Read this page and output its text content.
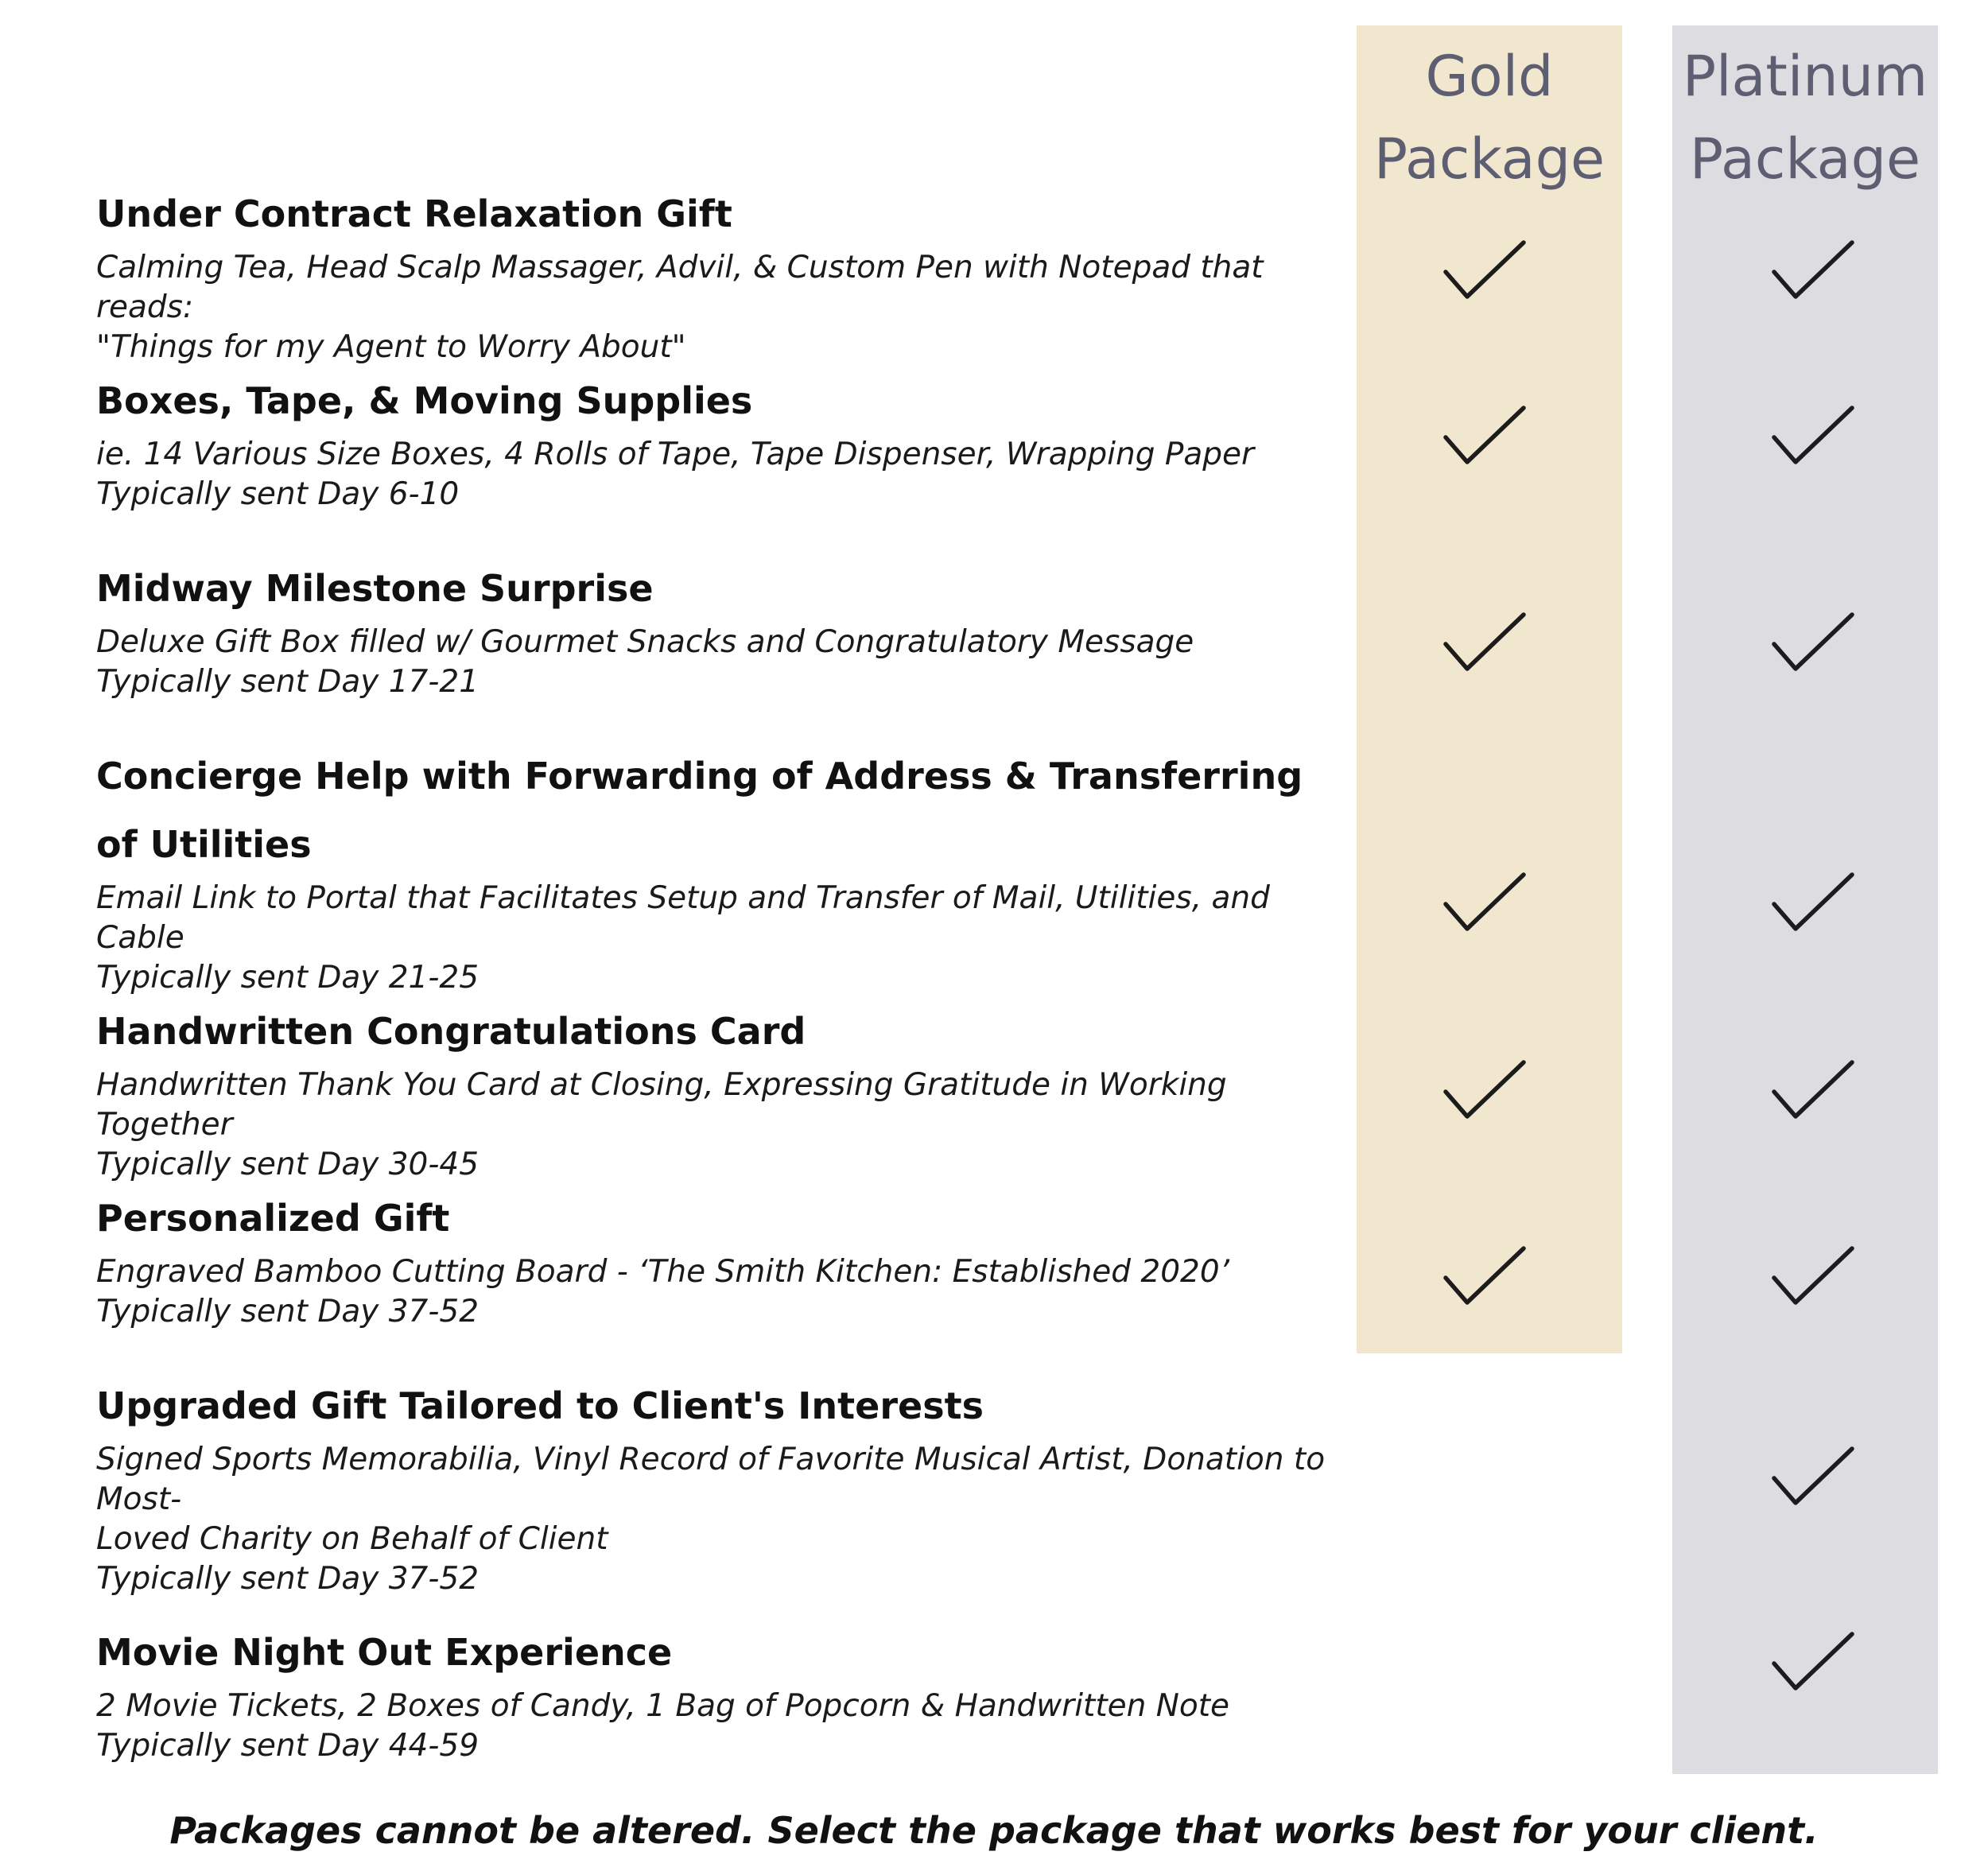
Gold
Package
Platinum
Package

Under Contract Relaxation Gift

Calming Tea, Head Scalp Massager, Advil, & Custom Pen with Notepad that reads:
"Things for my Agent to Worry About"

Boxes, Tape, & Moving Supplies

ie. 14 Various Size Boxes, 4 Rolls of Tape, Tape Dispenser, Wrapping Paper
Typically sent Day 6-10

Midway Milestone Surprise

Deluxe Gift Box filled w/ Gourmet Snacks and Congratulatory Message
Typically sent Day 17-21

Concierge Help with Forwarding of Address & Transferring of Utilities

Email Link to Portal that Facilitates Setup and Transfer of Mail, Utilities, and Cable
Typically sent Day 21-25

Handwritten Congratulations Card

Handwritten Thank You Card at Closing, Expressing Gratitude in Working Together
Typically sent Day 30-45

Personalized Gift

Engraved Bamboo Cutting Board - ‘The Smith Kitchen: Established 2020’
Typically sent Day 37-52

Upgraded Gift Tailored to Client's Interests

Signed Sports Memorabilia, Vinyl Record of Favorite Musical Artist, Donation to Most-
Loved Charity on Behalf of Client
Typically sent Day 37-52

Movie Night Out Experience

2 Movie Tickets, 2 Boxes of Candy, 1 Bag of Popcorn & Handwritten Note
Typically sent Day 44-59

Packages cannot be altered. Select the package that works best for your client.
